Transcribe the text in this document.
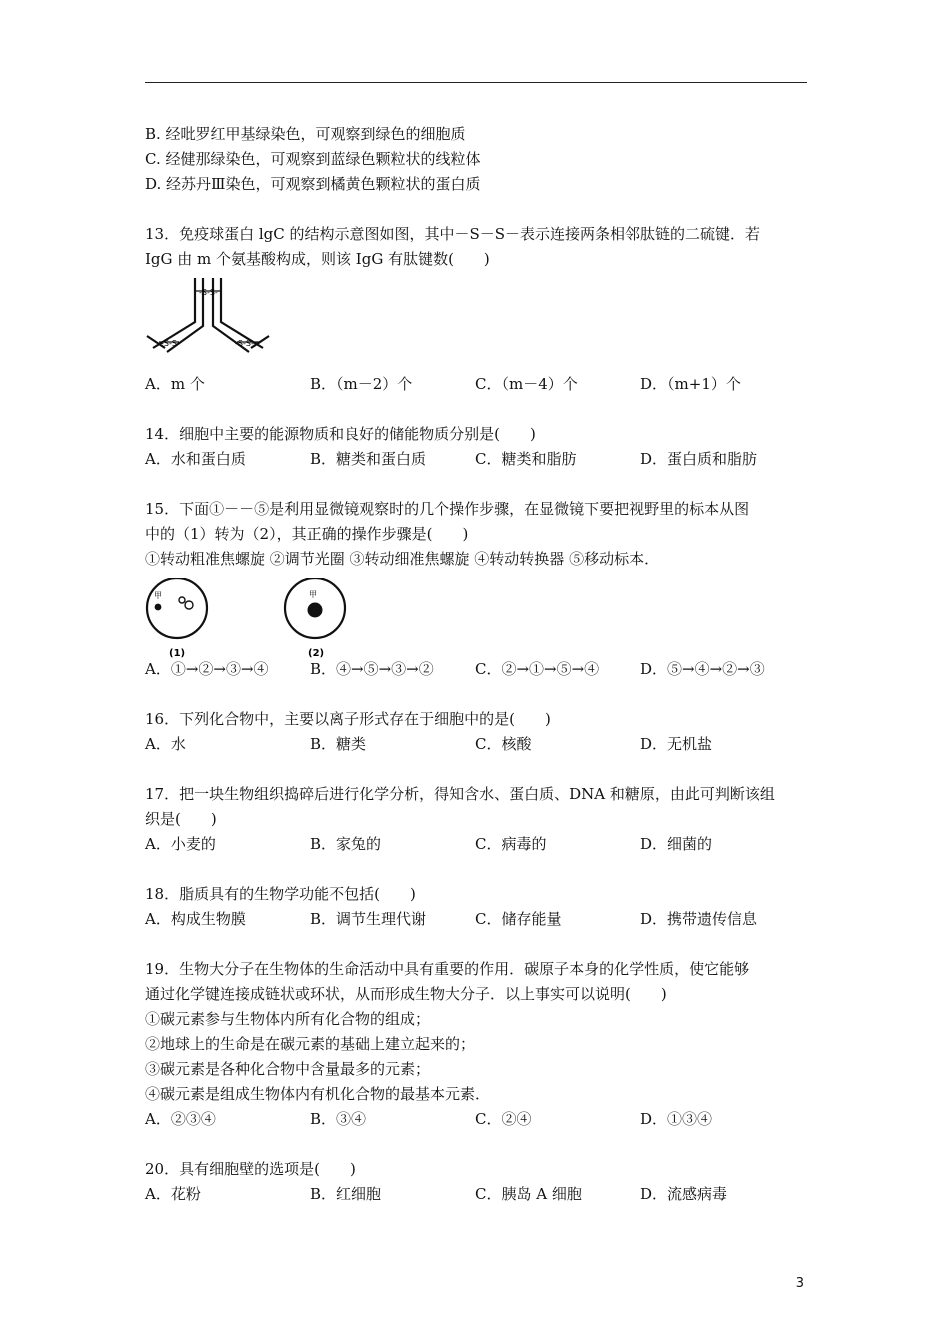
B. 经吡罗红甲基绿染色，可观察到绿色的细胞质
C. 经健那绿染色，可观察到蓝绿色颗粒状的线粒体
D. 经苏丹Ⅲ染色，可观察到橘黄色颗粒状的蛋白质
13．免疫球蛋白 lgC 的结构示意图如图，其中－S－S－表示连接两条相邻肽链的二硫键．若
IgG 由 m 个氨基酸构成，则该 IgG 有肽键数(　　)
-S-S-
-S-S-	-S-S-
A．m 个	B．（m－2）个	C．（m－4）个	D．（m+1）个
14．细胞中主要的能源物质和良好的储能物质分别是(　　)
A．水和蛋白质	B．糖类和蛋白质	C．糖类和脂肪	D．蛋白质和脂肪
15．下面①－－⑤是利用显微镜观察时的几个操作步骤，在显微镜下要把视野里的标本从图
中的（1）转为（2），其正确的操作步骤是(　　)
①转动粗准焦螺旋 ②调节光圈 ③转动细准焦螺旋 ④转动转换器 ⑤移动标本．
甲
(1)
甲
(2)
A．①→②→③→④	B．④→⑤→③→②	C．②→①→⑤→④	D．⑤→④→②→③
16．下列化合物中，主要以离子形式存在于细胞中的是(　　)
A．水	B．糖类	C．核酸	D．无机盐
17．把一块生物组织捣碎后进行化学分析，得知含水、蛋白质、DNA 和糖原，由此可判断该组
织是(　　)
A．小麦的	B．家兔的	C．病毒的	D．细菌的
18．脂质具有的生物学功能不包括(　　)
A．构成生物膜	B．调节生理代谢	C．储存能量	D．携带遗传信息
19．生物大分子在生物体的生命活动中具有重要的作用．碳原子本身的化学性质，使它能够
通过化学键连接成链状或环状，从而形成生物大分子．以上事实可以说明(　　)
①碳元素参与生物体内所有化合物的组成；
②地球上的生命是在碳元素的基础上建立起来的；
③碳元素是各种化合物中含量最多的元素；
④碳元素是组成生物体内有机化合物的最基本元素．
A．②③④	B．③④	C．②④	D．①③④
20．具有细胞壁的选项是(　　)
A．花粉	B．红细胞	C．胰岛 A 细胞	D．流感病毒
3
